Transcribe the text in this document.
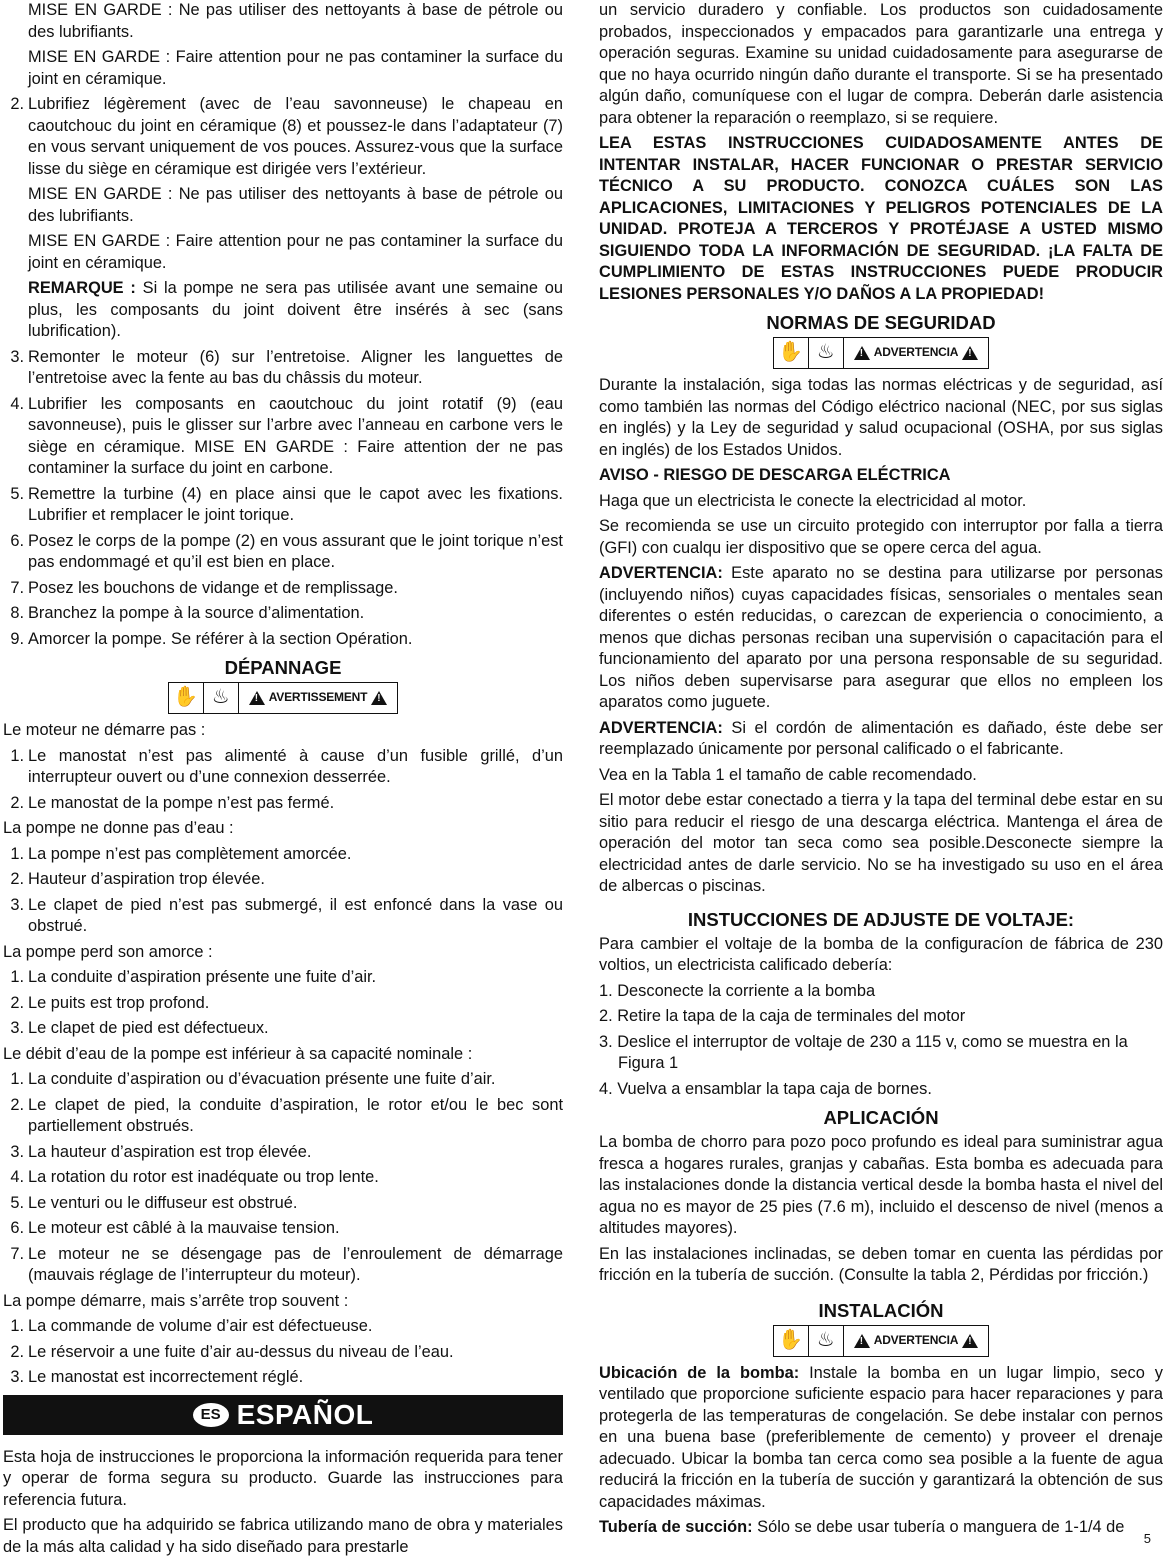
MISE EN GARDE : Ne pas utiliser des nettoyants à base de pétrole ou des lubrifiants.

MISE EN GARDE : Faire attention pour ne pas contaminer la surface du joint en céramique.

2. Lubrifiez légèrement (avec de l’eau savonneuse) le chapeau en caoutchouc du joint en céramique (8) et poussez-le dans l’adaptateur (7) en vous servant uniquement de vos pouces. Assurez-vous que la surface lisse du siège en céramique est dirigée vers l’extérieur.

MISE EN GARDE : Ne pas utiliser des nettoyants à base de pétrole ou des lubrifiants.

MISE EN GARDE : Faire attention pour ne pas contaminer la surface du joint en céramique.

REMARQUE : Si la pompe ne sera pas utilisée avant une semaine ou plus, les composants du joint doivent être insérés à sec (sans lubrification).

3. Remonter le moteur (6) sur l’entretoise. Aligner les languettes de l’entretoise avec la fente au bas du châssis du moteur.
4. Lubrifier les composants en caoutchouc du joint rotatif (9) (eau savonneuse), puis le glisser sur l’arbre avec l’anneau en carbone vers le siège en céramique. MISE EN GARDE : Faire attention der ne pas contaminer la surface du joint en carbone.
5. Remettre la turbine (4) en place ainsi que le capot avec les fixations. Lubrifier et remplacer le joint torique.
6. Posez le corps de la pompe (2) en vous assurant que le joint torique n’est pas endommagé et qu’il est bien en place.
7. Posez les bouchons de vidange et de remplissage.
8. Branchez la pompe à la source d’alimentation.
9. Amorcer la pompe. Se référer à la section Opération.
DÉPANNAGE
✋ ♨ !	AVERTISSEMENT
!
Le moteur ne démarre pas :
1. Le manostat n’est pas alimenté à cause d’un fusible grillé, d’un interrupteur ouvert ou d’une connexion desserrée.
2. Le manostat de la pompe n’est pas fermé.
La pompe ne donne pas d’eau :
1. La pompe n’est pas complètement amorcée.
2. Hauteur d’aspiration trop élevée.
3. Le clapet de pied n’est pas submergé, il est enfoncé dans la vase ou obstrué.
La pompe perd son amorce :
1. La conduite d’aspiration présente une fuite d’air.
2. Le puits est trop profond.
3. Le clapet de pied est défectueux.
Le débit d’eau de la pompe est inférieur à sa capacité nominale :
1. La conduite d’aspiration ou d’évacuation présente une fuite d’air.
2. Le clapet de pied, la conduite d’aspiration, le rotor et/ou le bec sont partiellement obstrués.
3. La hauteur d’aspiration est trop élevée.
4. La rotation du rotor est inadéquate ou trop lente.
5. Le venturi ou le diffuseur est obstrué.
6. Le moteur est câblé à la mauvaise tension.
7. Le moteur ne se désengage pas de l’enroulement de démarrage (mauvais réglage de l’interrupteur du moteur).
La pompe démarre, mais s’arrête trop souvent :
1. La commande de volume d’air est défectueuse.
2. Le réservoir a une fuite d’air au-dessus du niveau de l’eau.
3. Le manostat est incorrectement réglé.
ES ESPAÑOL

Esta hoja de instrucciones le proporciona la información requerida para tener y operar de forma segura su producto. Guarde las instrucciones para referencia futura.

El producto que ha adquirido se fabrica utilizando mano de obra y materiales de la más alta calidad y ha sido diseñado para prestarle

un servicio duradero y confiable. Los productos son cuidadosamente probados, inspeccionados y empacados para garantizarle una entrega y operación seguras. Examine su unidad cuidadosamente para asegurarse de que no haya ocurrido ningún daño durante el transporte. Si se ha presentado algún daño, comuníquese con el lugar de compra. Deberán darle asistencia para obtener la reparación o reemplazo, si se requiere.

LEA ESTAS INSTRUCCIONES CUIDADOSAMENTE ANTES DE INTENTAR INSTALAR, HACER FUNCIONAR O PRESTAR SERVICIO TÉCNICO A SU PRODUCTO. CONOZCA CUÁLES SON LAS APLICACIONES, LIMITACIONES Y PELIGROS POTENCIALES DE LA UNIDAD. PROTEJA A TERCEROS Y PROTÉJASE A USTED MISMO SIGUIENDO TODA LA INFORMACIÓN DE SEGURIDAD. ¡LA FALTA DE CUMPLIMIENTO DE ESTAS INSTRUCCIONES PUEDE PRODUCIR LESIONES PERSONALES Y/O DAÑOS A LA PROPIEDAD!

NORMAS DE SEGURIDAD
✋ ♨ !	ADVERTENCIA
!

Durante la instalación, siga todas las normas eléctricas y de seguridad, así como también las normas del Código eléctrico nacional (NEC, por sus siglas en inglés) y la Ley de seguridad y salud ocupacional (OSHA, por sus siglas en inglés) de los Estados Unidos.

AVISO - RIESGO DE DESCARGA ELÉCTRICA

Haga que un electricista le conecte la electricidad al motor.

Se recomienda se use un circuito protegido con interruptor por falla a tierra (GFI) con cualqu ier dispositivo que se opere cerca del agua.

ADVERTENCIA: Este aparato no se destina para utilizarse por personas (incluyendo niños) cuyas capacidades físicas, sensoriales o mentales sean diferentes o estén reducidas, o carezcan de experiencia o conocimiento, a menos que dichas personas reciban una supervisión o capacitación para el funcionamiento del aparato por una persona responsable de su seguridad. Los niños deben supervisarse para asegurar que ellos no empleen los aparatos como juguete.

ADVERTENCIA: Si el cordón de alimentación es dañado, éste debe ser reemplazado únicamente por personal calificado o el fabricante.

Vea en la Tabla 1 el tamaño de cable recomendado.

El motor debe estar conectado a tierra y la tapa del terminal debe estar en su sitio para reducir el riesgo de una descarga eléctrica. Mantenga el área de operación del motor tan seca como sea posible.Desconecte siempre la electricidad antes de darle servicio. No se ha investigado su uso en el área de albercas o piscinas.

INSTUCCIONES DE ADJUSTE DE VOLTAJE:

Para cambier el voltaje de la bomba de la configuracíon de fábrica de 230 voltios, un electricista calificado debería:

1. Desconecte la corriente a la bomba
2. Retire la tapa de la caja de terminales del motor
3. Deslice el interruptor de voltaje de 230 a 115 v, como se muestra en la Figura 1
4. Vuelva a ensamblar la tapa caja de bornes.
APLICACIÓN

La bomba de chorro para pozo poco profundo es ideal para suministrar agua fresca a hogares rurales, granjas y cabañas. Esta bomba es adecuada para las instalaciones donde la distancia vertical desde la bomba hasta el nivel del agua no es mayor de 25 pies (7.6 m), incluido el descenso de nivel (menos a altitudes mayores).

En las instalaciones inclinadas, se deben tomar en cuenta las pérdidas por fricción en la tubería de succión. (Consulte la tabla 2, Pérdidas por fricción.)

INSTALACIÓN
✋ ♨ !	ADVERTENCIA
!

Ubicación de la bomba: Instale la bomba en un lugar limpio, seco y ventilado que proporcione suficiente espacio para hacer reparaciones y para protegerla de las temperaturas de congelación. Se debe instalar con pernos en una buena base (preferiblemente de cemento) y proveer el drenaje adecuado. Ubicar la bomba tan cerca como sea posible a la fuente de agua reducirá la fricción en la tubería de succión y garantizará la obtención de sus capacidades máximas.

Tubería de succión: Sólo se debe usar tubería o manguera de 1-1/4 de

5
